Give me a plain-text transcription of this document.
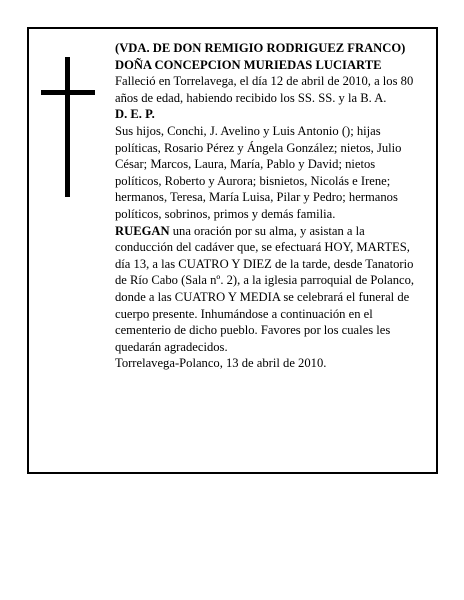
(VDA. DE DON REMIGIO RODRIGUEZ FRANCO)

DOÑA CONCEPCION MURIEDAS LUCIARTE

Falleció en Torrelavega, el día 12 de abril de 2010, a los 80 años de edad, habiendo recibido los SS. SS. y la B. A.

D. E. P.

Sus hijos, Conchi, J. Avelino y Luis Antonio (); hijas políticas, Rosario Pérez y Ángela González; nietos, Julio César; Marcos, Laura, María, Pablo y David; nietos políticos, Roberto y Aurora; bisnietos, Nicolás e Irene; hermanos, Teresa, María Luisa, Pilar y Pedro; hermanos políticos, sobrinos, primos y demás familia.

RUEGAN una oración por su alma, y asistan a la conducción del cadáver que, se efectuará HOY, MARTES, día 13, a las CUATRO Y DIEZ de la tarde, desde Tanatorio de Río Cabo (Sala nº. 2), a la iglesia parroquial de Polanco, donde a las CUATRO Y MEDIA se celebrará el funeral de cuerpo presente. Inhumándose a continuación en el cementerio de dicho pueblo. Favores por los cuales les quedarán agradecidos.

Torrelavega-Polanco, 13 de abril de 2010.
